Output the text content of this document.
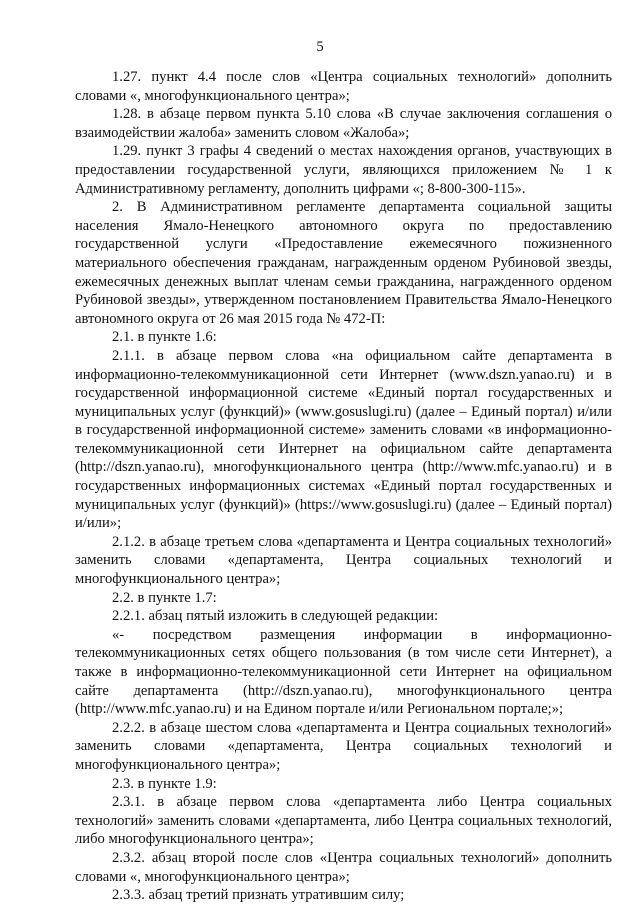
5

1.27. пункт 4.4 после слов «Центра социальных технологий» дополнить словами «, многофункционального центра»;

1.28. в абзаце первом пункта 5.10 слова «В случае заключения соглашения о взаимодействии жалоба» заменить словом «Жалоба»;

1.29. пункт 3 графы 4 сведений о местах нахождения органов, участвующих в предоставлении государственной услуги, являющихся приложением № 1 к Административному регламенту, дополнить цифрами «; 8-800-300-115».

2. В Административном регламенте департамента социальной защиты населения Ямало-Ненецкого автономного округа по предоставлению государственной услуги «Предоставление ежемесячного пожизненного материального обеспечения гражданам, награжденным орденом Рубиновой звезды, ежемесячных денежных выплат членам семьи гражданина, награжденного орденом Рубиновой звезды», утвержденном постановлением Правительства Ямало-Ненецкого автономного округа от 26 мая 2015 года № 472-П:

2.1. в пункте 1.6:

2.1.1. в абзаце первом слова «на официальном сайте департамента в информационно-телекоммуникационной сети Интернет (www.dszn.yanao.ru) и в государственной информационной системе «Единый портал государственных и муниципальных услуг (функций)» (www.gosuslugi.ru) (далее – Единый портал) и/или в государственной информационной системе» заменить словами «в информационно-телекоммуникационной сети Интернет на официальном сайте департамента (http://dszn.yanao.ru), многофункционального центра (http://www.mfc.yanao.ru) и в государственных информационных системах «Единый портал государственных и муниципальных услуг (функций)» (https://www.gosuslugi.ru) (далее – Единый портал) и/или»;

2.1.2. в абзаце третьем слова «департамента и Центра социальных технологий» заменить словами «департамента, Центра социальных технологий и многофункционального центра»;

2.2. в пункте 1.7:

2.2.1. абзац пятый изложить в следующей редакции:

«- посредством размещения информации в информационно-телекоммуникационных сетях общего пользования (в том числе сети Интернет), а также в информационно-телекоммуникационной сети Интернет на официальном сайте департамента (http://dszn.yanao.ru), многофункционального центра (http://www.mfc.yanao.ru) и на Едином портале и/или Региональном портале;»;

2.2.2. в абзаце шестом слова «департамента и Центра социальных технологий» заменить словами «департамента, Центра социальных технологий и многофункционального центра»;

2.3. в пункте 1.9:

2.3.1. в абзаце первом слова «департамента либо Центра социальных технологий» заменить словами «департамента, либо Центра социальных технологий, либо многофункционального центра»;

2.3.2. абзац второй после слов «Центра социальных технологий» дополнить словами «, многофункционального центра»;

2.3.3. абзац третий признать утратившим силу;
